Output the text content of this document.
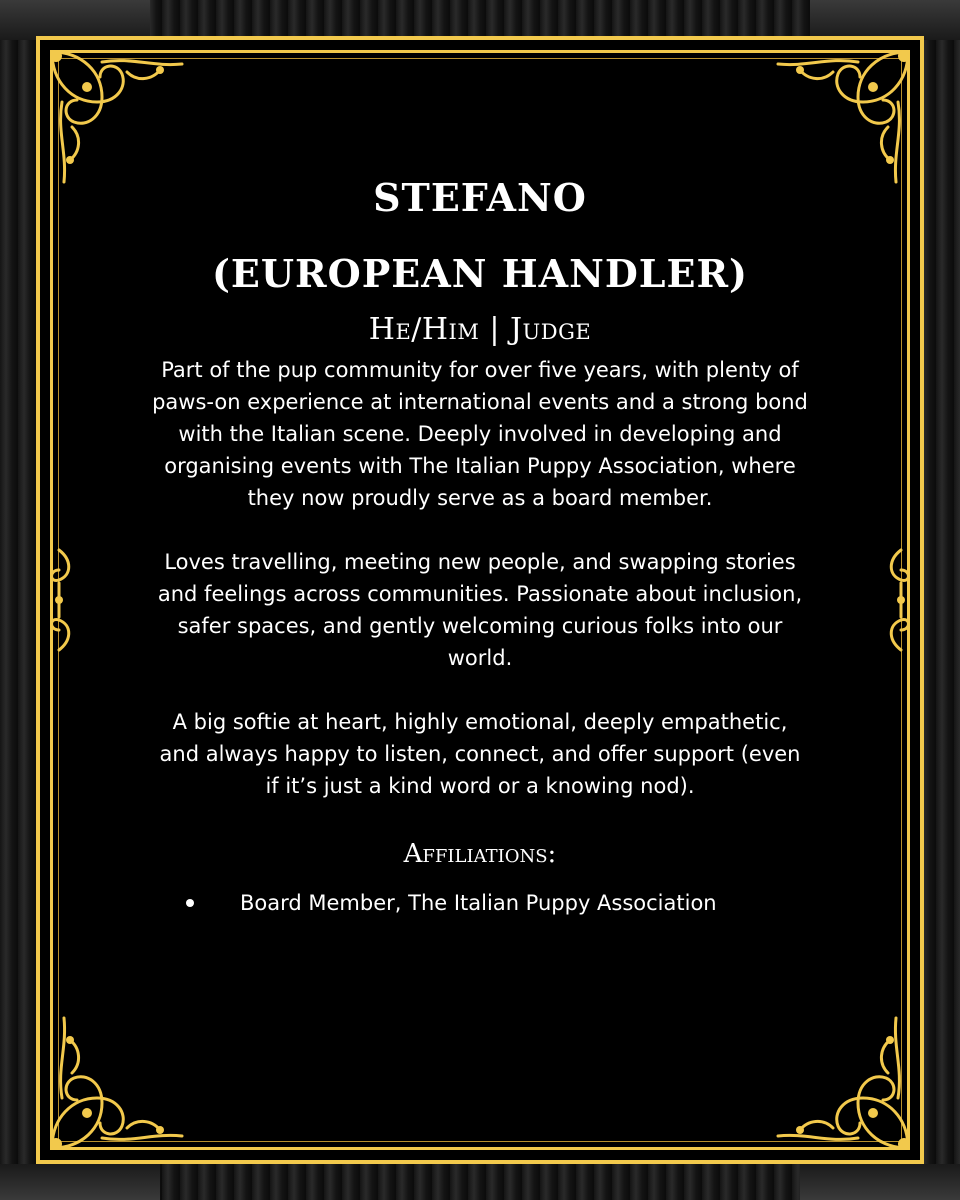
STEFANO
(EUROPEAN HANDLER)

He/Him | Judge

Part of the pup community for over five years, with plenty of paws-on experience at international events and a strong bond with the Italian scene. Deeply involved in developing and organising events with The Italian Puppy Association, where they now proudly serve as a board member.

Loves travelling, meeting new people, and swapping stories and feelings across communities. Passionate about inclusion, safer spaces, and gently welcoming curious folks into our world.

A big softie at heart, highly emotional, deeply empathetic, and always happy to listen, connect, and offer support (even if it’s just a kind word or a knowing nod).

Affiliations:

Board Member, The Italian Puppy Association
